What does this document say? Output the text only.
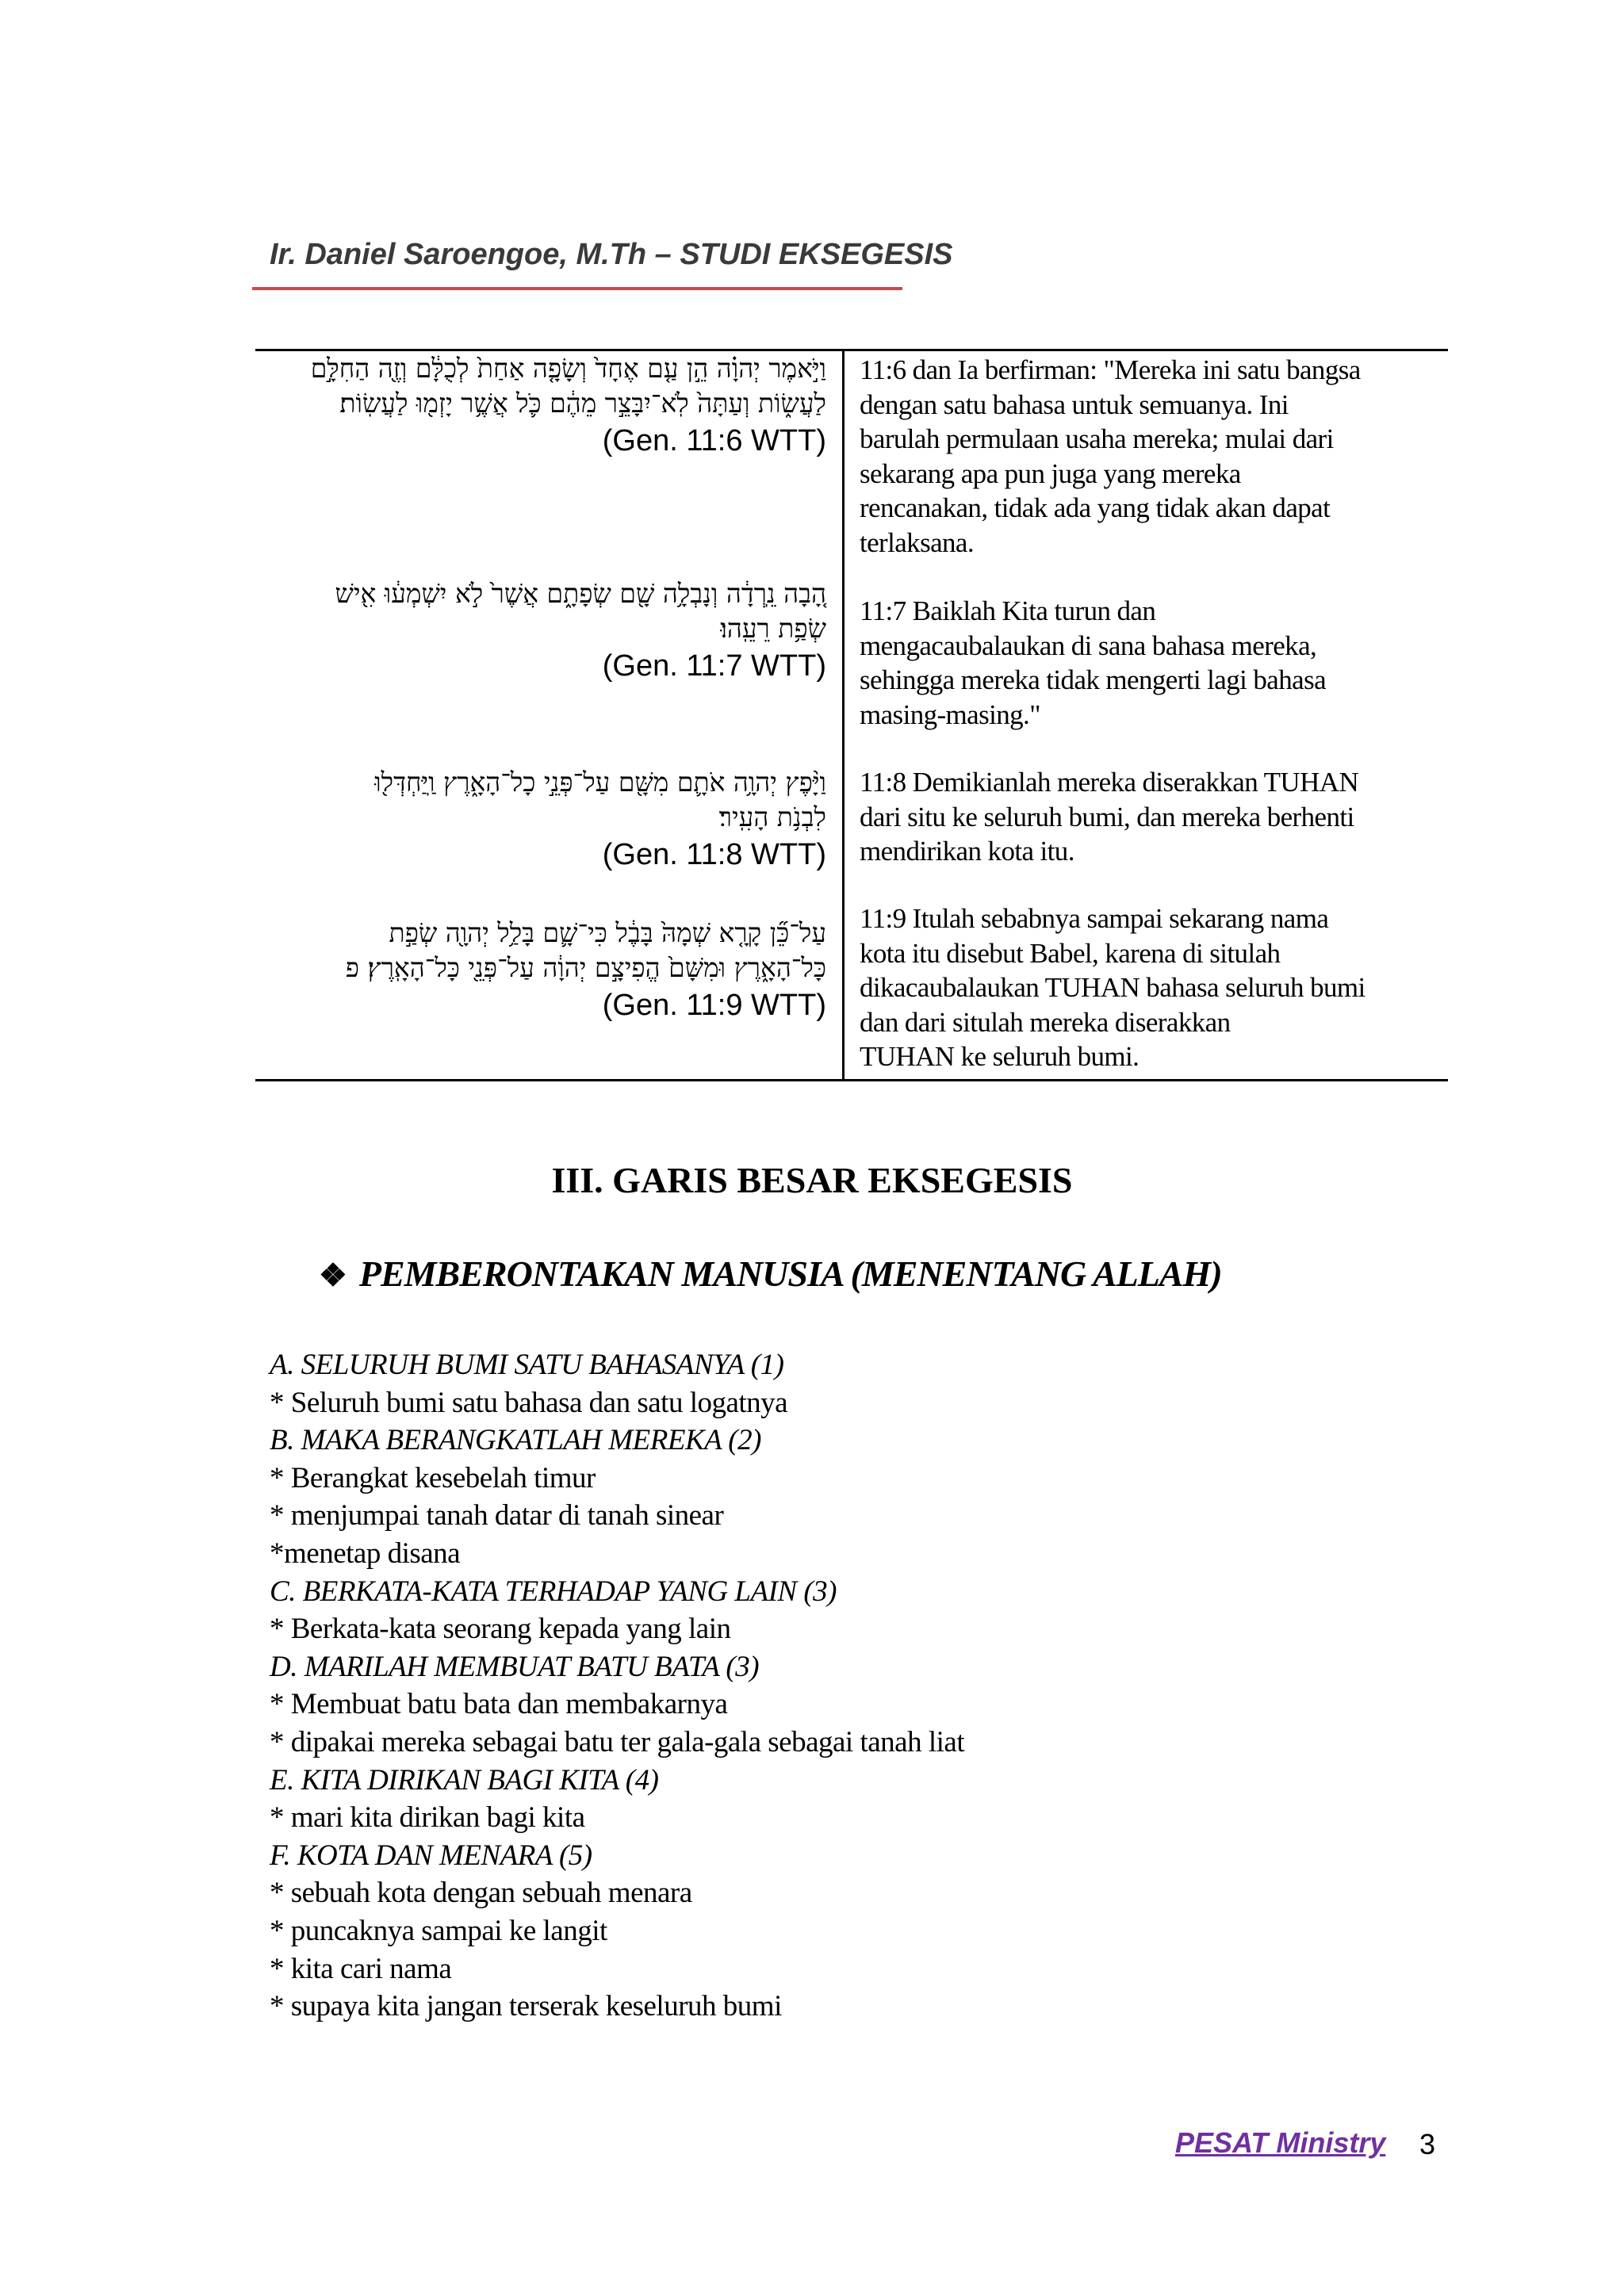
Ir. Daniel Saroengoe, M.Th – STUDI EKSEGESIS
וַיֹּ֣אמֶר יְהוָ֗ה הֵ֣ן עַ֤ם אֶחָד֙ וְשָׂפָ֤ה אַחַת֙ לְכֻלָּ֔ם וְזֶ֖ה הַחִלָּ֣ם
לַעֲשׂ֑וֹת וְעַתָּה֙ לֹֽא־יִבָּצֵ֣ר מֵהֶ֔ם כֹּ֛ל אֲשֶׁ֥ר יָזְמ֖וּ לַעֲשֽׂוֹת׃
(Gen. 11:6 WTT)
11:6 dan Ia berfirman: "Mereka ini satu bangsa
dengan satu bahasa untuk semuanya. Ini
barulah permulaan usaha mereka; mulai dari
sekarang apa pun juga yang mereka
rencanakan, tidak ada yang tidak akan dapat
terlaksana.
הָ֚בָה נֵֽרְדָ֔ה וְנָבְלָ֥ה שָׁ֖ם שְׂפָתָ֑ם אֲשֶׁר֙ לֹ֣א יִשְׁמְע֔וּ אִ֖ישׁ
שְׂפַ֥ת רֵעֵֽהוּ׃
(Gen. 11:7 WTT)
11:7 Baiklah Kita turun dan
mengacaubalaukan di sana bahasa mereka,
sehingga mereka tidak mengerti lagi bahasa
masing-masing."
וַיָּ֨פֶץ יְהוָ֥ה אֹתָ֛ם מִשָּׁ֖ם עַל־פְּנֵ֣י כָל־הָאָ֑רֶץ וַֽיַּחְדְּל֖וּ
לִבְנֹ֥ת הָעִֽיר׃
(Gen. 11:8 WTT)
11:8 Demikianlah mereka diserakkan TUHAN
dari situ ke seluruh bumi, dan mereka berhenti
mendirikan kota itu.
עַל־כֵּ֞ן קָרָ֤א שְׁמָהּ֙ בָּבֶ֔ל כִּי־שָׁ֛ם בָּלַ֥ל יְהוָ֖ה שְׂפַ֣ת
כָּל־הָאָ֑רֶץ וּמִשָּׁם֙ הֱפִיצָ֣ם יְהוָ֔ה עַל־פְּנֵ֖י כָּל־הָאָֽרֶץ׃ פ
(Gen. 11:9 WTT)
11:9 Itulah sebabnya sampai sekarang nama
kota itu disebut Babel, karena di situlah
dikacaubalaukan TUHAN bahasa seluruh bumi
dan dari situlah mereka diserakkan
TUHAN ke seluruh bumi.
III. GARIS BESAR EKSEGESIS
❖ PEMBERONTAKAN MANUSIA (MENENTANG ALLAH)
A. SELURUH BUMI SATU BAHASANYA (1)
* Seluruh bumi satu bahasa dan satu logatnya
B. MAKA BERANGKATLAH MEREKA (2)
* Berangkat kesebelah timur
* menjumpai tanah datar di tanah sinear
*menetap disana
C. BERKATA-KATA TERHADAP YANG LAIN (3)
* Berkata-kata seorang kepada yang lain
D. MARILAH MEMBUAT BATU BATA (3)
* Membuat batu bata dan membakarnya
* dipakai mereka sebagai batu ter gala-gala sebagai tanah liat
E. KITA DIRIKAN BAGI KITA (4)
* mari kita dirikan bagi kita
F. KOTA DAN MENARA (5)
* sebuah kota dengan sebuah menara
* puncaknya sampai ke langit
* kita cari nama
* supaya kita jangan terserak keseluruh bumi
PESAT Ministry 3
